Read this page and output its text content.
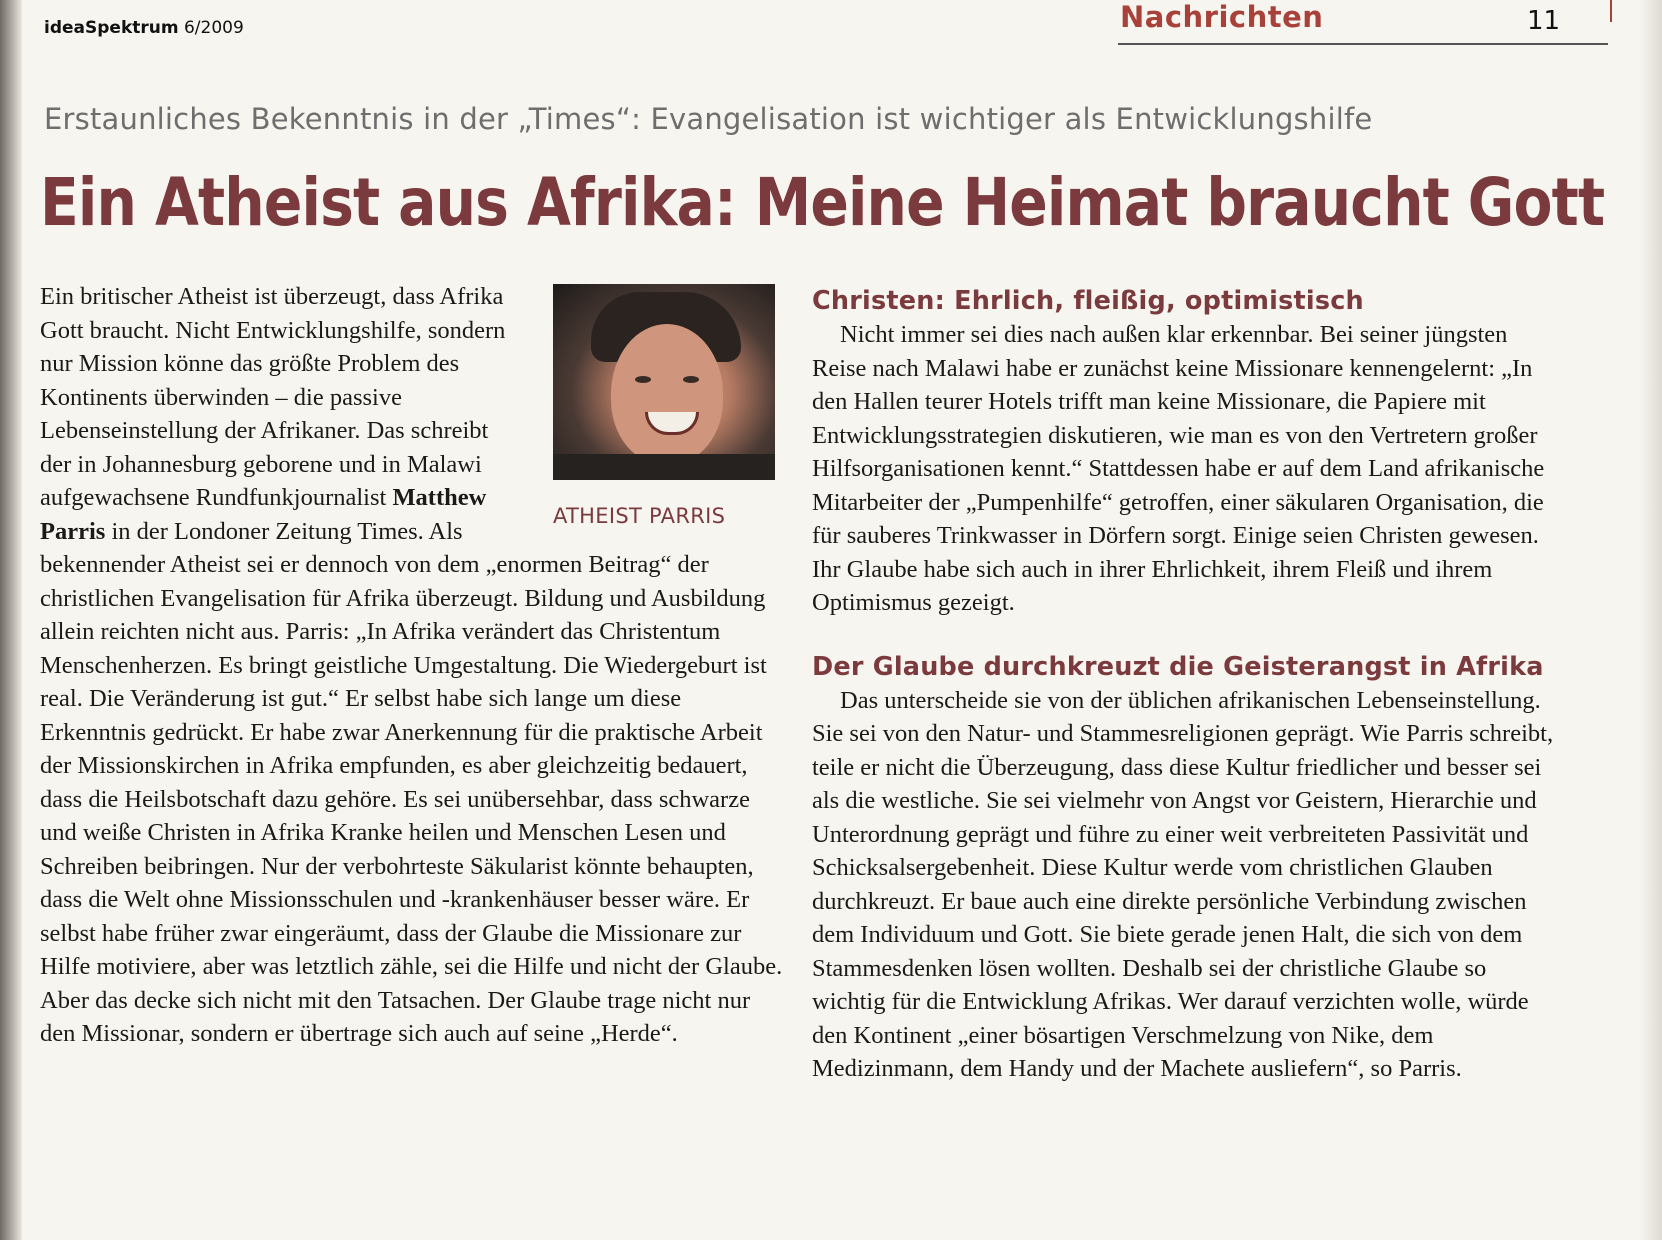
ideaSpektrum 6/2009	Nachrichten	11
Erstaunliches Bekenntnis in der „Times“: Evangelisation ist wichtiger als Entwicklungshilfe
Ein Atheist aus Afrika: Meine Heimat braucht Gott
ATHEIST PARRIS

Ein britischer Atheist ist überzeugt, dass Afrika Gott braucht. Nicht Entwicklungshilfe, sondern nur Mission könne das größte Problem des Kontinents überwinden – die passive Lebenseinstellung der Afrikaner. Das schreibt der in Johannesburg geborene und in Malawi aufgewachsene Rundfunkjournalist Matthew Parris in der Londoner Zeitung Times. Als bekennender Atheist sei er dennoch von dem „enormen Beitrag“ der christlichen Evangelisation für Afrika überzeugt. Bildung und Ausbildung allein reichten nicht aus. Parris: „In Afrika verändert das Christentum Menschenherzen. Es bringt geistliche Umgestaltung. Die Wiedergeburt ist real. Die Veränderung ist gut.“ Er selbst habe sich lange um diese Erkenntnis gedrückt. Er habe zwar Anerkennung für die praktische Arbeit der Missionskirchen in Afrika empfunden, es aber gleichzeitig bedauert, dass die Heilsbotschaft dazu gehöre. Es sei unübersehbar, dass schwarze und weiße Christen in Afrika Kranke heilen und Menschen Lesen und Schreiben beibringen. Nur der verbohrteste Säkularist könnte behaupten, dass die Welt ohne Missionsschulen und -krankenhäuser besser wäre. Er selbst habe früher zwar eingeräumt, dass der Glaube die Missionare zur Hilfe motiviere, aber was letztlich zähle, sei die Hilfe und nicht der Glaube. Aber das decke sich nicht mit den Tatsachen. Der Glaube trage nicht nur den Missionar, sondern er übertrage sich auch auf seine „Herde“.

Christen: Ehrlich, fleißig, optimistisch

Nicht immer sei dies nach außen klar erkennbar. Bei seiner jüngsten Reise nach Malawi habe er zunächst keine Missionare kennengelernt: „In den Hallen teurer Hotels trifft man keine Missionare, die Papiere mit Entwicklungsstrategien diskutieren, wie man es von den Vertretern großer Hilfsorganisationen kennt.“ Stattdessen habe er auf dem Land afrikanische Mitarbeiter der „Pumpenhilfe“ getroffen, einer säkularen Organisation, die für sauberes Trinkwasser in Dörfern sorgt. Einige seien Christen gewesen. Ihr Glaube habe sich auch in ihrer Ehrlichkeit, ihrem Fleiß und ihrem Optimismus gezeigt.

Der Glaube durchkreuzt die Geisterangst in Afrika

Das unterscheide sie von der üblichen afrikanischen Lebenseinstellung. Sie sei von den Natur- und Stammesreligionen geprägt. Wie Parris schreibt, teile er nicht die Überzeugung, dass diese Kultur friedlicher und besser sei als die westliche. Sie sei vielmehr von Angst vor Geistern, Hierarchie und Unterordnung geprägt und führe zu einer weit verbreiteten Passivität und Schicksalsergebenheit. Diese Kultur werde vom christlichen Glauben durchkreuzt. Er baue auch eine direkte persönliche Verbindung zwischen dem Individuum und Gott. Sie biete gerade jenen Halt, die sich von dem Stammesdenken lösen wollten. Deshalb sei der christliche Glaube so wichtig für die Entwicklung Afrikas. Wer darauf verzichten wolle, würde den Kontinent „einer bösartigen Verschmelzung von Nike, dem Medizinmann, dem Handy und der Machete ausliefern“, so Parris.
